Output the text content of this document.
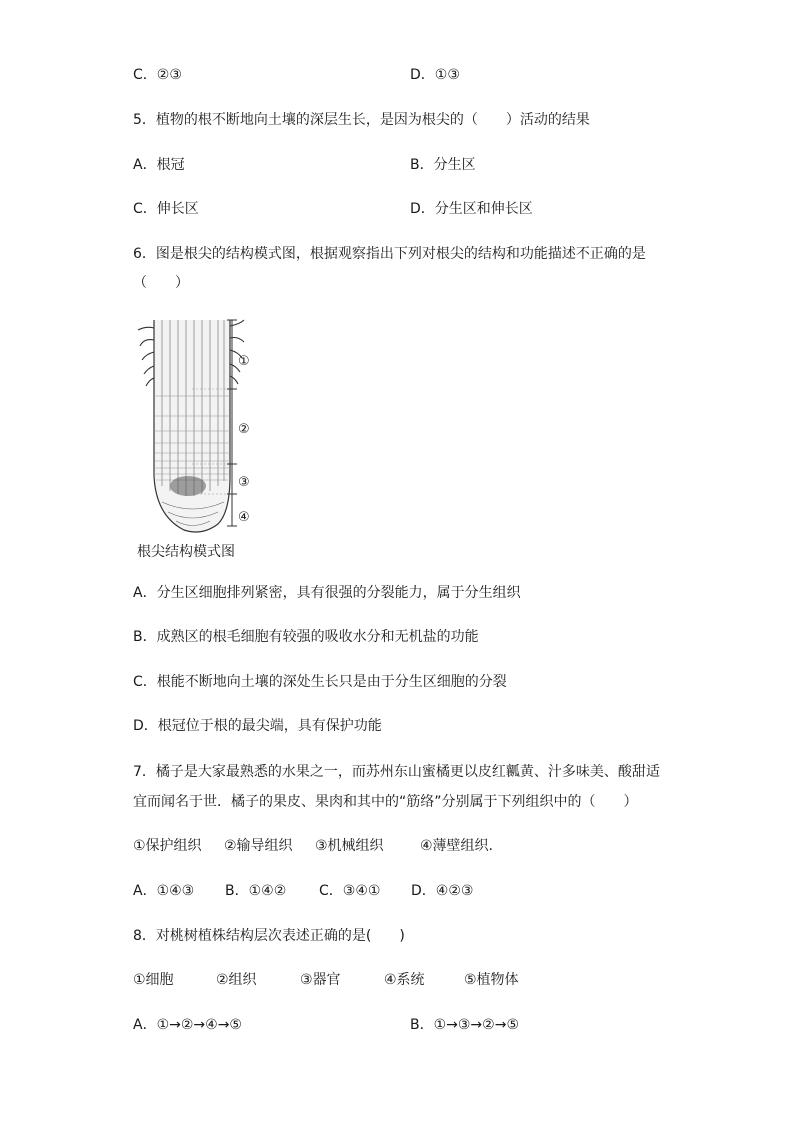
C．②③	D．①③
5．植物的根不断地向土壤的深层生长，是因为根尖的（　　）活动的结果
A．根冠	B．分生区
C．伸长区	D．分生区和伸长区
6．图是根尖的结构模式图，根据观察指出下列对根尖的结构和功能描述不正确的是
（　　）
①
②
③
④
根尖结构模式图
A．分生区细胞排列紧密，具有很强的分裂能力，属于分生组织
B．成熟区的根毛细胞有较强的吸收水分和无机盐的功能
C．根能不断地向土壤的深处生长只是由于分生区细胞的分裂
D．根冠位于根的最尖端，具有保护功能
7．橘子是大家最熟悉的水果之一，而苏州东山蜜橘更以皮红瓤黄、汁多味美、酸甜适
宜而闻名于世．橘子的果皮、果肉和其中的“筋络”分别属于下列组织中的（　　）
①保护组织 ②输导组织 ③机械组织	④薄壁组织.
A．①④③ B．①④② C．③④① D．④②③
8．对桃树植株结构层次表述正确的是(　　)
①细胞	②组织	③器官	④系统	⑤植物体
A．①→②→④→⑤	B．①→③→②→⑤
